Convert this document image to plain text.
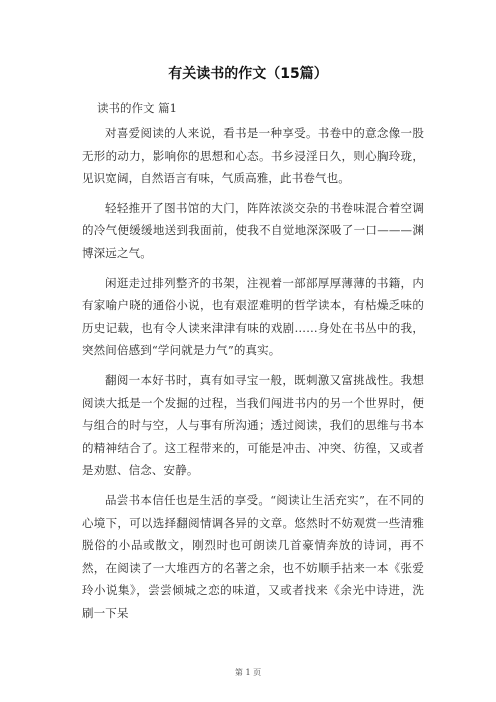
有关读书的作文（15篇）
读书的作文 篇1

对喜爱阅读的人来说，看书是一种享受。书卷中的意念像一股无形的动力，影响你的思想和心态。书乡浸淫日久，则心胸玲珑，见识宽阔，自然语言有味，气质高雅，此书卷气也。

轻轻推开了图书馆的大门，阵阵浓淡交杂的书卷味混合着空调的冷气便缓缓地送到我面前，使我不自觉地深深吸了一口———渊博深远之气。

闲逛走过排列整齐的书架，注视着一部部厚厚薄薄的书籍，内有家喻户晓的通俗小说，也有艰涩难明的哲学读本，有枯燥乏味的历史记载，也有令人读来津津有味的戏剧……身处在书丛中的我，突然间倍感到“学问就是力气”的真实。

翻阅一本好书时，真有如寻宝一般，既刺激又富挑战性。我想阅读大抵是一个发掘的过程，当我们闯进书内的另一个世界时，便与组合的时与空，人与事有所沟通；透过阅读，我们的思维与书本的精神结合了。这工程带来的，可能是冲击、冲突、彷徨，又或者是劝慰、信念、安静。

品尝书本信任也是生活的享受。“阅读让生活充实”，在不同的心境下，可以选择翻阅情调各异的文章。悠然时不妨观赏一些清雅脱俗的小品或散文，刚烈时也可朗读几首豪情奔放的诗词，再不然，在阅读了一大堆西方的名著之余，也不妨顺手拈来一本《张爱玲小说集》，尝尝倾城之恋的味道，又或者找来《余光中诗进，洗刷一下呆

第 1 页
